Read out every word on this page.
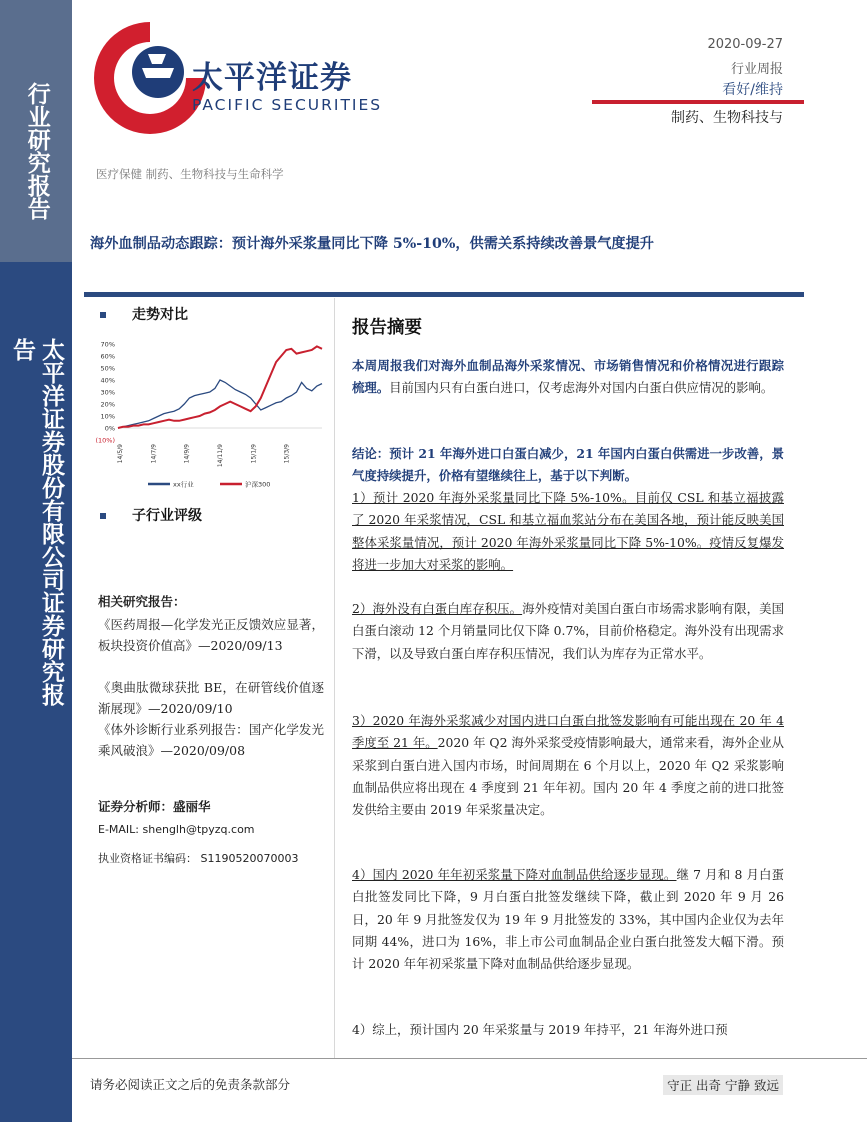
行业研究报告
太平洋证券股份有限公司证券研究报告
太平洋证券
PACIFIC SECURITIES
2020-09-27
行业周报
看好/维持
制药、生物科技与
医疗保健 制药、生物科技与生命科学
海外血制品动态跟踪：预计海外采浆量同比下降 5%-10%，供需关系持续改善景气度提升
走势对比
70%
60%
50%
40%
30%
20%
10%
0%
(10%)
14/5/9	14/7/9	14/9/9	14/11/9	15/1/9	15/3/9
xx行业	沪深300
子行业评级
相关研究报告：
《医药周报—化学发光正反馈效应显著，板块投资价值高》—2020/09/13
《奥曲肽微球获批 BE，在研管线价值逐渐展现》—2020/09/10
《体外诊断行业系列报告：国产化学发光乘风破浪》—2020/09/08
证券分析师：盛丽华
E-MAIL: shenglh@tpyzq.com
执业资格证书编码： S1190520070003
报告摘要
本周周报我们对海外血制品海外采浆情况、市场销售情况和价格情况进行跟踪梳理。目前国内只有白蛋白进口，仅考虑海外对国内白蛋白供应情况的影响。
结论：预计 21 年海外进口白蛋白减少，21 年国内白蛋白供需进一步改善，景气度持续提升，价格有望继续往上，基于以下判断。
1）预计 2020 年海外采浆量同比下降 5%-10%。目前仅 CSL 和基立福披露了 2020 年采浆情况，CSL 和基立福血浆站分布在美国各地，预计能反映美国整体采浆量情况，预计 2020 年海外采浆量同比下降 5%-10%。疫情反复爆发将进一步加大对采浆的影响。
2）海外没有白蛋白库存积压。海外疫情对美国白蛋白市场需求影响有限，美国白蛋白滚动 12 个月销量同比仅下降 0.7%，目前价格稳定。海外没有出现需求下滑，以及导致白蛋白库存积压情况，我们认为库存为正常水平。
3）2020 年海外采浆减少对国内进口白蛋白批签发影响有可能出现在 20 年 4 季度至 21 年。2020 年 Q2 海外采浆受疫情影响最大，通常来看，海外企业从采浆到白蛋白进入国内市场，时间周期在 6 个月以上，2020 年 Q2 采浆影响血制品供应将出现在 4 季度到 21 年年初。国内 20 年 4 季度之前的进口批签发供给主要由 2019 年采浆量决定。
4）国内 2020 年年初采浆量下降对血制品供给逐步显现。继 7 月和 8 月白蛋白批签发同比下降，9 月白蛋白批签发继续下降，截止到 2020 年 9 月 26 日，20 年 9 月批签发仅为 19 年 9 月批签发的 33%，其中国内企业仅为去年同期 44%，进口为 16%，非上市公司血制品企业白蛋白批签发大幅下滑。预计 2020 年年初采浆量下降对血制品供给逐步显现。
4）综上，预计国内 20 年采浆量与 2019 年持平，21 年海外进口预
请务必阅读正文之后的免责条款部分	守正 出奇 宁静 致远
